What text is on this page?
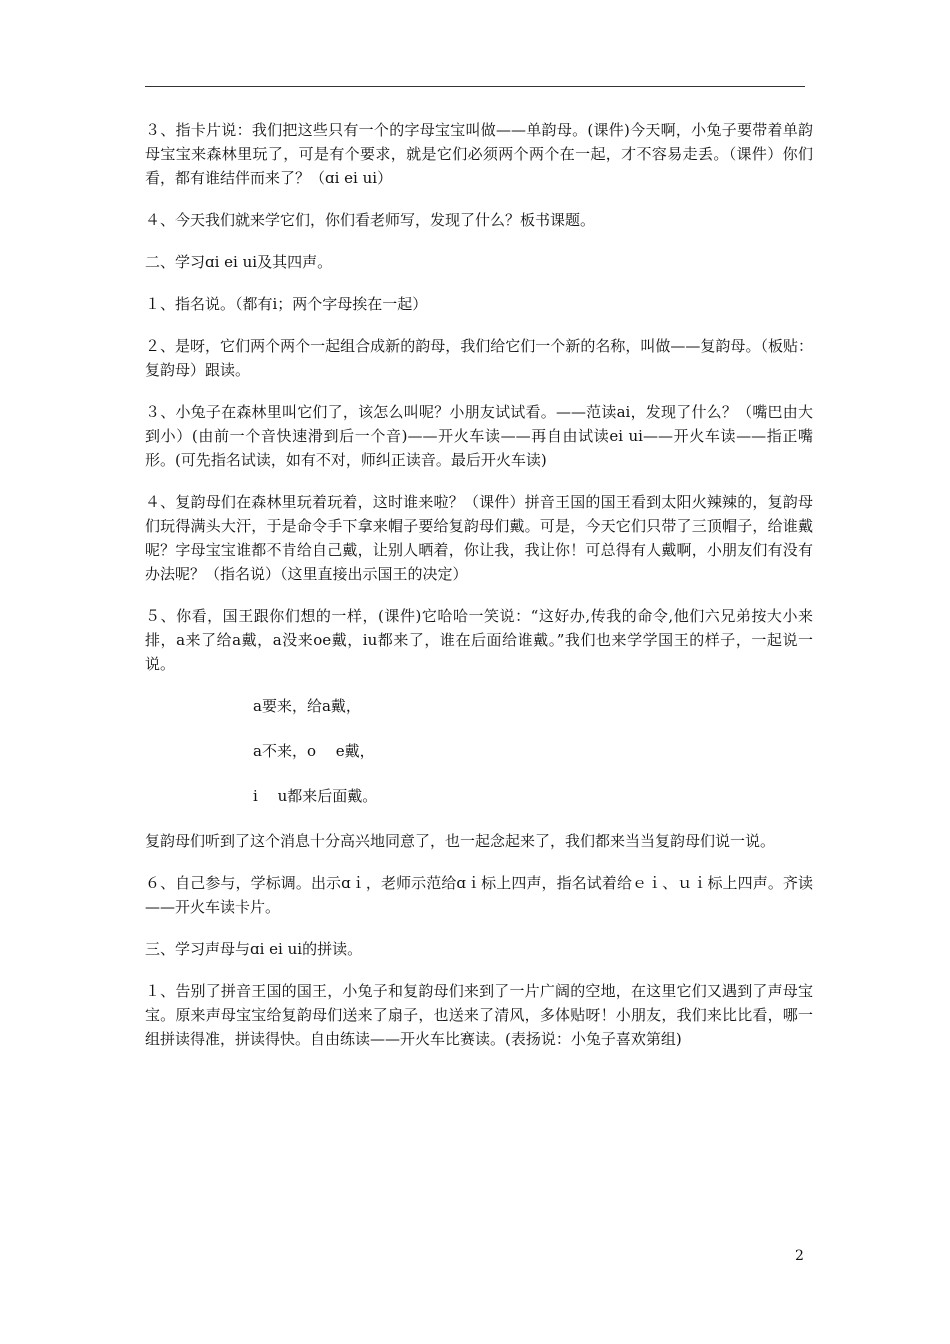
３、指卡片说：我们把这些只有一个的字母宝宝叫做——单韵母。(课件)今天啊，小兔子要带着单韵母宝宝来森林里玩了，可是有个要求，就是它们必须两个两个在一起，才不容易走丢。（课件）你们看，都有谁结伴而来了？（ɑi ei ui）

４、今天我们就来学它们，你们看老师写，发现了什么？板书课题。

二、学习ɑi ei ui及其四声。

１、指名说。（都有i；两个字母挨在一起）

２、是呀，它们两个两个一起组合成新的韵母，我们给它们一个新的名称，叫做——复韵母。（板贴：复韵母）跟读。

３、小兔子在森林里叫它们了，该怎么叫呢？小朋友试试看。——范读ai，发现了什么？（嘴巴由大到小）(由前一个音快速滑到后一个音)——开火车读——再自由试读ei ui——开火车读——指正嘴形。(可先指名试读，如有不对，师纠正读音。最后开火车读)

４、复韵母们在森林里玩着玩着，这时谁来啦？（课件）拼音王国的国王看到太阳火辣辣的，复韵母们玩得满头大汗，于是命令手下拿来帽子要给复韵母们戴。可是，今天它们只带了三顶帽子，给谁戴呢？字母宝宝谁都不肯给自己戴，让别人晒着，你让我，我让你！可总得有人戴啊，小朋友们有没有办法呢？（指名说）（这里直接出示国王的决定）

５、你看，国王跟你们想的一样，(课件)它哈哈一笑说：“这好办,传我的命令,他们六兄弟按大小来排，a来了给a戴，a没来oe戴，iu都来了，谁在后面给谁戴。”我们也来学学国王的样子，一起说一说。

a要来，给a戴，

a不来，o　 e戴，

i　 u都来后面戴。

复韵母们听到了这个消息十分高兴地同意了，也一起念起来了，我们都来当当复韵母们说一说。

６、自己参与，学标调。出示ɑｉ，老师示范给ɑｉ标上四声，指名试着给ｅｉ、ｕｉ标上四声。齐读——开火车读卡片。

三、学习声母与ɑi ei ui的拼读。

１、告别了拼音王国的国王，小兔子和复韵母们来到了一片广阔的空地，在这里它们又遇到了声母宝宝。原来声母宝宝给复韵母们送来了扇子，也送来了清风，多体贴呀！小朋友，我们来比比看，哪一组拼读得准，拼读得快。自由练读——开火车比赛读。(表扬说：小兔子喜欢第组)

2
